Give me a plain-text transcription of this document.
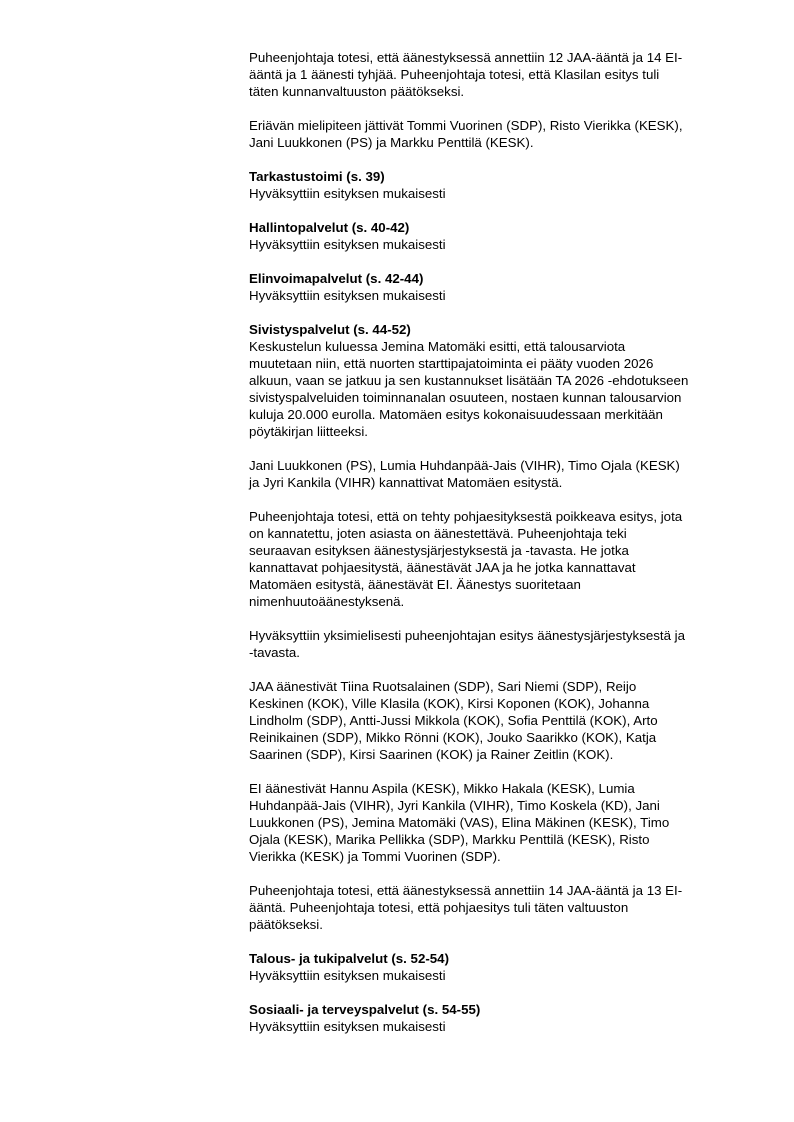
Puheenjohtaja totesi, että äänestyksessä annettiin 12 JAA-ääntä ja 14 EI-
ääntä ja 1 äänesti tyhjää. Puheenjohtaja totesi, että Klasilan esitys tuli
täten kunnanvaltuuston päätökseksi.

Eriävän mielipiteen jättivät Tommi Vuorinen (SDP), Risto Vierikka (KESK),
Jani Luukkonen (PS) ja Markku Penttilä (KESK).

Tarkastustoimi (s. 39)
Hyväksyttiin esityksen mukaisesti
Hallintopalvelut (s. 40-42)
Hyväksyttiin esityksen mukaisesti
Elinvoimapalvelut (s. 42-44)
Hyväksyttiin esityksen mukaisesti
Sivistyspalvelut (s. 44-52)

Keskustelun kuluessa Jemina Matomäki esitti, että talousarviota
muutetaan niin, että nuorten starttipajatoiminta ei pääty vuoden 2026
alkuun, vaan se jatkuu ja sen kustannukset lisätään TA 2026 -ehdotukseen
sivistyspalveluiden toiminnanalan osuuteen, nostaen kunnan talousarvion
kuluja 20.000 eurolla. Matomäen esitys kokonaisuudessaan merkitään
pöytäkirjan liitteeksi.

Jani Luukkonen (PS), Lumia Huhdanpää-Jais (VIHR), Timo Ojala (KESK)
ja Jyri Kankila (VIHR) kannattivat Matomäen esitystä.

Puheenjohtaja totesi, että on tehty pohjaesityksestä poikkeava esitys, jota
on kannatettu, joten asiasta on äänestettävä. Puheenjohtaja teki
seuraavan esityksen äänestysjärjestyksestä ja -tavasta. He jotka
kannattavat pohjaesitystä, äänestävät JAA ja he jotka kannattavat
Matomäen esitystä, äänestävät EI. Äänestys suoritetaan
nimenhuutoäänestyksenä.

Hyväksyttiin yksimielisesti puheenjohtajan esitys äänestysjärjestyksestä ja
-tavasta.

JAA äänestivät Tiina Ruotsalainen (SDP), Sari Niemi (SDP), Reijo
Keskinen (KOK), Ville Klasila (KOK), Kirsi Koponen (KOK), Johanna
Lindholm (SDP), Antti-Jussi Mikkola (KOK), Sofia Penttilä (KOK), Arto
Reinikainen (SDP), Mikko Rönni (KOK), Jouko Saarikko (KOK), Katja
Saarinen (SDP), Kirsi Saarinen (KOK) ja Rainer Zeitlin (KOK).

EI äänestivät Hannu Aspila (KESK), Mikko Hakala (KESK), Lumia
Huhdanpää-Jais (VIHR), Jyri Kankila (VIHR), Timo Koskela (KD), Jani
Luukkonen (PS), Jemina Matomäki (VAS), Elina Mäkinen (KESK), Timo
Ojala (KESK), Marika Pellikka (SDP), Markku Penttilä (KESK), Risto
Vierikka (KESK) ja Tommi Vuorinen (SDP).

Puheenjohtaja totesi, että äänestyksessä annettiin 14 JAA-ääntä ja 13 EI-
ääntä. Puheenjohtaja totesi, että pohjaesitys tuli täten valtuuston
päätökseksi.

Talous- ja tukipalvelut (s. 52-54)
Hyväksyttiin esityksen mukaisesti
Sosiaali- ja terveyspalvelut (s. 54-55)
Hyväksyttiin esityksen mukaisesti
